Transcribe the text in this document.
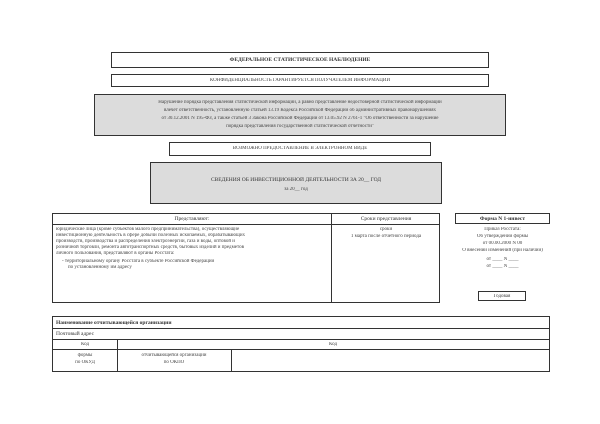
ФЕДЕРАЛЬНОЕ СТАТИСТИЧЕСКОЕ НАБЛЮДЕНИЕ
КОНФИДЕНЦИАЛЬНОСТЬ ГАРАНТИРУЕТСЯ ПОЛУЧАТЕЛЕМ ИНФОРМАЦИИ
Нарушение порядка представления статистической информации, а равно представление недостоверной статистической информации
влечет ответственность, установленную статьей 13.19 Кодекса Российской Федерации об административных правонарушениях
от 30.12.2001 N 195-ФЗ, а также статьей 3 Закона Российской Федерации от 13.05.92 N 2761-1 "Об ответственности за нарушение
порядка представления государственной статистической отчетности"
ВОЗМОЖНО ПРЕДОСТАВЛЕНИЕ В ЭЛЕКТРОННОМ ВИДЕ
СВЕДЕНИЯ ОБ ИНВЕСТИЦИОННОЙ ДЕЯТЕЛЬНОСТИ ЗА 20__ ГОД
за 20__ год
Представляют:	Сроки представления
юридические лица (кроме субъектов малого предпринимательства), осуществляющие
инвестиционную деятельность в сфере добычи полезных ископаемых, обрабатывающих
производств, производства и распределения электроэнергии, газа и воды, оптовой и
розничной торговли, ремонта автотранспортных средств, бытовых изделий и предметов
личного пользования, представляют в органы Росстата:
- территориальному органу Росстата в субъекте Российской Федерации
по установленному им адресу
сроки
1 марта после отчетного периода
Форма N 1-инвест
Приказ Росстата:
Об утверждении формы
от 00.00.2000 N 00
О внесении изменений (при наличии)
от ____ N ____
от ____ N ____
Годовая
Наименование отчитывающейся организации
Почтовый адрес
Код	Код
формы
по ОКУД
отчитывающейся организации
по ОКПО
